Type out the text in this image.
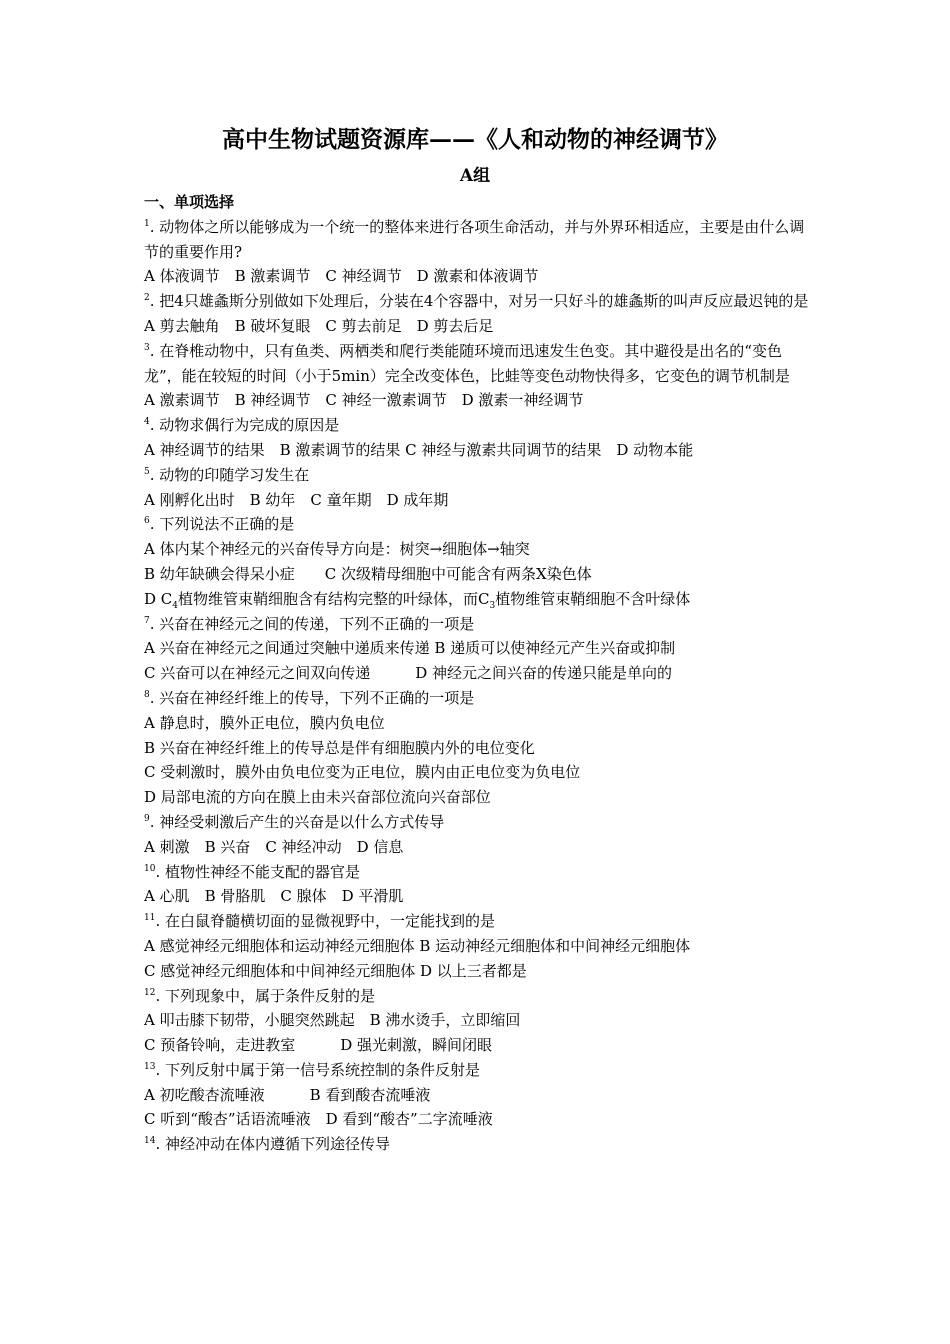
高中生物试题资源库——《人和动物的神经调节》
A组
一、单项选择
$^1$. 动物体之所以能够成为一个统一的整体来进行各项生命活动，并与外界环相适应，主要是由什么调节的重要作用?
A 体液调节　B 激素调节　C 神经调节　D 激素和体液调节
$^2$. 把4只雄螽斯分别做如下处理后，分装在4个容器中，对另一只好斗的雄螽斯的叫声反应最迟钝的是
A 剪去触角　B 破坏复眼　C 剪去前足　D 剪去后足
$^3$. 在脊椎动物中，只有鱼类、两栖类和爬行类能随环境而迅速发生色变。其中避役是出名的“变色龙”，能在较短的时间（小于5min）完全改变体色，比蛙等变色动物快得多，它变色的调节机制是
A 激素调节　B 神经调节　C 神经一激素调节　D 激素一神经调节
$^4$. 动物求偶行为完成的原因是
A 神经调节的结果　B 激素调节的结果 C 神经与激素共同调节的结果　D 动物本能
$^5$. 动物的印随学习发生在
A 刚孵化出时　B 幼年　C 童年期　D 成年期
$^6$. 下列说法不正确的是
A 体内某个神经元的兴奋传导方向是：树突→细胞体→轴突
B 幼年缺碘会得呆小症　　C 次级精母细胞中可能含有两条X染色体
D $C_4$植物维管束鞘细胞含有结构完整的叶绿体，而$C_3$植物维管束鞘细胞不含叶绿体
$^7$. 兴奋在神经元之间的传递，下列不正确的一项是
A 兴奋在神经元之间通过突触中递质来传递 B 递质可以使神经元产生兴奋或抑制
C 兴奋可以在神经元之间双向传递　　　D 神经元之间兴奋的传递只能是单向的
$^8$. 兴奋在神经纤维上的传导，下列不正确的一项是
A 静息时，膜外正电位，膜内负电位
B 兴奋在神经纤维上的传导总是伴有细胞膜内外的电位变化
C 受刺激时，膜外由负电位变为正电位，膜内由正电位变为负电位
D 局部电流的方向在膜上由未兴奋部位流向兴奋部位
$^9$. 神经受刺激后产生的兴奋是以什么方式传导
A 刺激　B 兴奋　C 神经冲动　D 信息
$^{10}$. 植物性神经不能支配的器官是
A 心肌　B 骨胳肌　C 腺体　D 平滑肌
$^{11}$. 在白鼠脊髓横切面的显微视野中，一定能找到的是
A 感觉神经元细胞体和运动神经元细胞体 B 运动神经元细胞体和中间神经元细胞体
C 感觉神经元细胞体和中间神经元细胞体 D 以上三者都是
$^{12}$. 下列现象中，属于条件反射的是
A 叩击膝下韧带，小腿突然跳起　B 沸水烫手，立即缩回
C 预备铃响，走进教室　　　D 强光刺激，瞬间闭眼
$^{13}$. 下列反射中属于第一信号系统控制的条件反射是
A 初吃酸杏流唾液　　　B 看到酸杏流唾液
C 听到“酸杏”话语流唾液　D 看到“酸杏”二字流唾液
$^{14}$. 神经冲动在体内遵循下列途径传导
